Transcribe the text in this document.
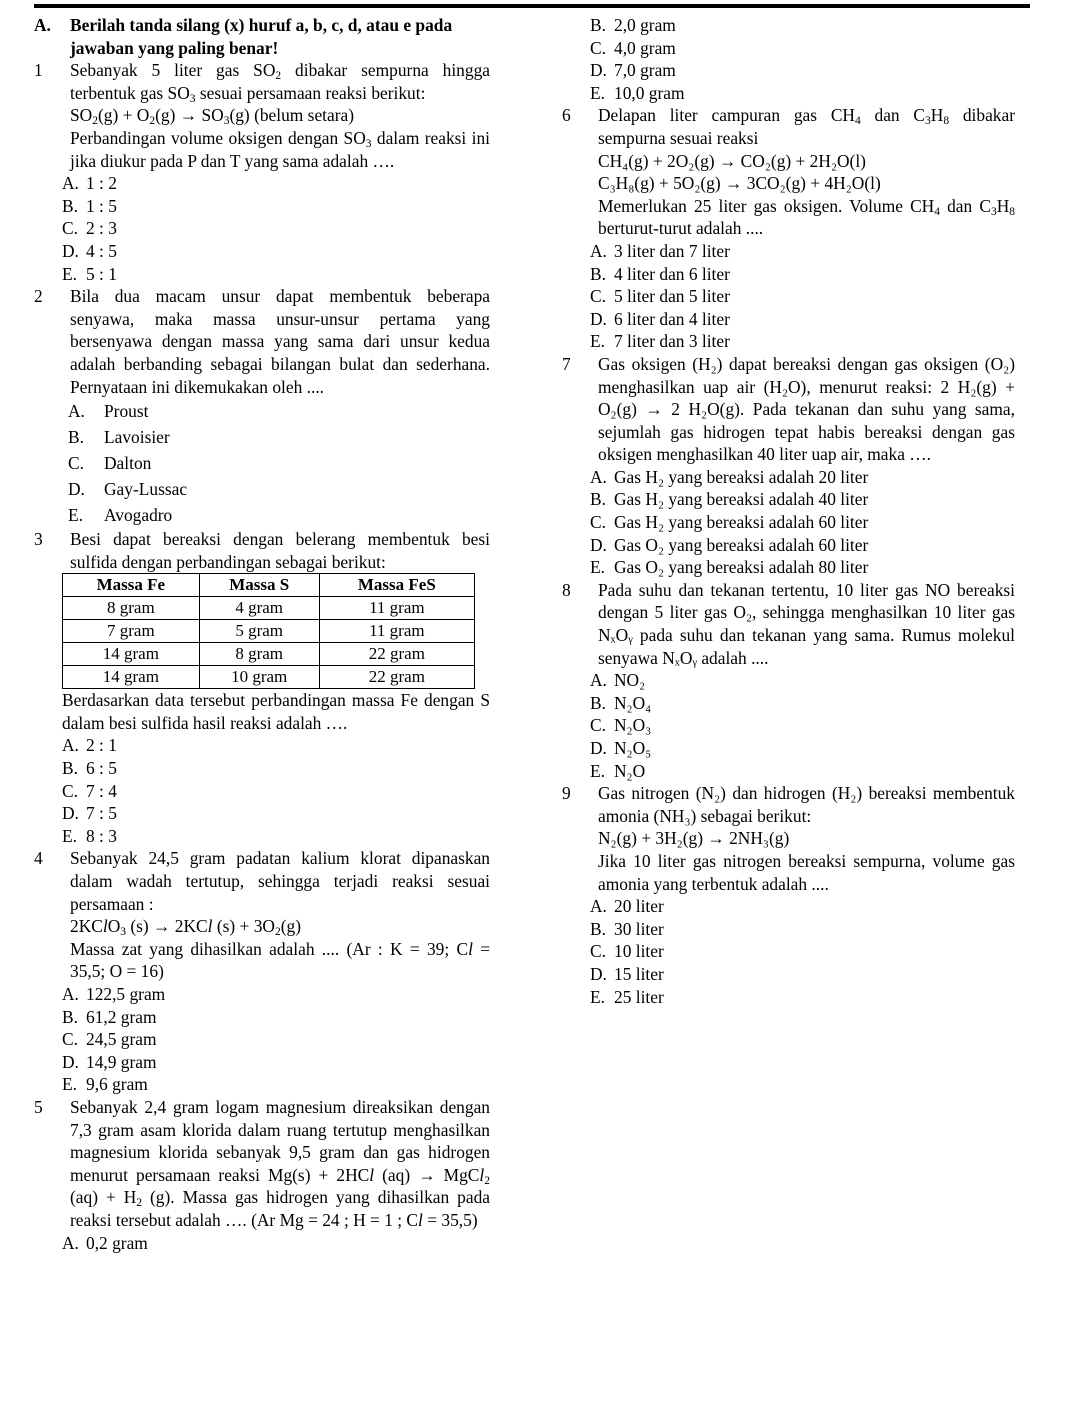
A.	Berilah tanda silang (x) huruf a, b, c, d, atau e pada
jawaban yang paling benar!
1	Sebanyak 5 liter gas $SO_2$ dibakar sempurna hingga terbentuk gas $SO_3$ sesuai persamaan reaksi berikut:
$SO_2(g) + O_2(g) \to SO_3(g)$ (belum setara)
Perbandingan volume oksigen dengan $SO_3$ dalam reaksi ini jika diukur pada P dan T yang sama adalah ….
A. 1 : 2
B. 1 : 5
C. 2 : 3
D. 4 : 5
E. 5 : 1
2	Bila dua macam unsur dapat membentuk beberapa senyawa, maka massa unsur-unsur pertama yang bersenyawa dengan massa yang sama dari unsur kedua adalah berbanding sebagai bilangan bulat dan sederhana. Pernyataan ini dikemukakan oleh ....
A.	Proust
B.	Lavoisier
C.	Dalton
D.	Gay-Lussac
E.	Avogadro
3	Besi dapat bereaksi dengan belerang membentuk besi sulfida dengan perbandingan sebagai berikut:
Massa Fe	Massa S	Massa FeS
8 gram	4 gram	11 gram
7 gram	5 gram	11 gram
14 gram	8 gram	22 gram
14 gram	10 gram	22 gram
Berdasarkan data tersebut perbandingan massa Fe dengan S dalam besi sulfida hasil reaksi adalah ….
A. 2 : 1
B. 6 : 5
C. 7 : 4
D. 7 : 5
E. 8 : 3
4	Sebanyak 24,5 gram padatan kalium klorat dipanaskan dalam wadah tertutup, sehingga terjadi reaksi sesuai persamaan :
2KClO$_3$ (s) → 2KCl $(s) + 3O_2(g)$
Massa zat yang dihasilkan adalah .... (Ar : K = 39; Cl = 35,5; O = 16)
A. 122,5 gram
B. 61,2 gram
C. 24,5 gram
D. 14,9 gram
E. 9,6 gram
5	Sebanyak 2,4 gram logam magnesium direaksikan dengan 7,3 gram asam klorida dalam ruang tertutup menghasilkan magnesium klorida sebanyak 9,5 gram dan gas hidrogen menurut persamaan reaksi Mg(s) + 2HCl (aq) → MgCl$_2$ $(aq) + H_2$ (g). Massa gas hidrogen yang dihasilkan pada reaksi tersebut adalah …. (Ar Mg = 24 ; H = 1 ; Cl = 35,5)
A. 0,2 gram
B. 2,0 gram
C. 4,0 gram
D. 7,0 gram
E. 10,0 gram
6	Delapan liter campuran gas $CH_4$ dan $C_3H_8$ dibakar sempurna sesuai reaksi
CH₄(g) + 2O₂(g) → CO₂(g) + 2H₂O(l)
C₃H₈(g) + 5O₂(g) → 3CO₂(g) + 4H₂O(l)
Memerlukan 25 liter gas oksigen. Volume $CH_4$ dan $C_3H_8$ berturut-turut adalah ....
A. 3 liter dan 7 liter
B. 4 liter dan 6 liter
C. 5 liter dan 5 liter
D. 6 liter dan 4 liter
E. 7 liter dan 3 liter
7	Gas oksigen (H₂) dapat bereaksi dengan gas oksigen (O₂) menghasilkan uap air (H₂O), menurut reaksi: 2 H₂(g) + O₂(g) → 2 H₂O(g). Pada tekanan dan suhu yang sama, sejumlah gas hidrogen tepat habis bereaksi dengan gas oksigen menghasilkan 40 liter uap air, maka ….
A. Gas H₂ yang bereaksi adalah 20 liter
B. Gas H₂ yang bereaksi adalah 40 liter
C. Gas H₂ yang bereaksi adalah 60 liter
D. Gas O₂ yang bereaksi adalah 60 liter
E. Gas O₂ yang bereaksi adalah 80 liter
8	Pada suhu dan tekanan tertentu, 10 liter gas NO bereaksi dengan 5 liter gas O₂, sehingga menghasilkan 10 liter gas NₓOᵧ pada suhu dan tekanan yang sama. Rumus molekul senyawa NₓOᵧ adalah ....
A. NO₂
B. N₂O₄
C. N₂O₃
D. N₂O₅
E. N₂O
9	Gas nitrogen (N₂) dan hidrogen (H₂) bereaksi membentuk amonia (NH₃) sebagai berikut:
N₂(g) + 3H₂(g) → 2NH₃(g)
Jika 10 liter gas nitrogen bereaksi sempurna, volume gas amonia yang terbentuk adalah ....
A. 20 liter
B. 30 liter
C. 10 liter
D. 15 liter
E. 25 liter
